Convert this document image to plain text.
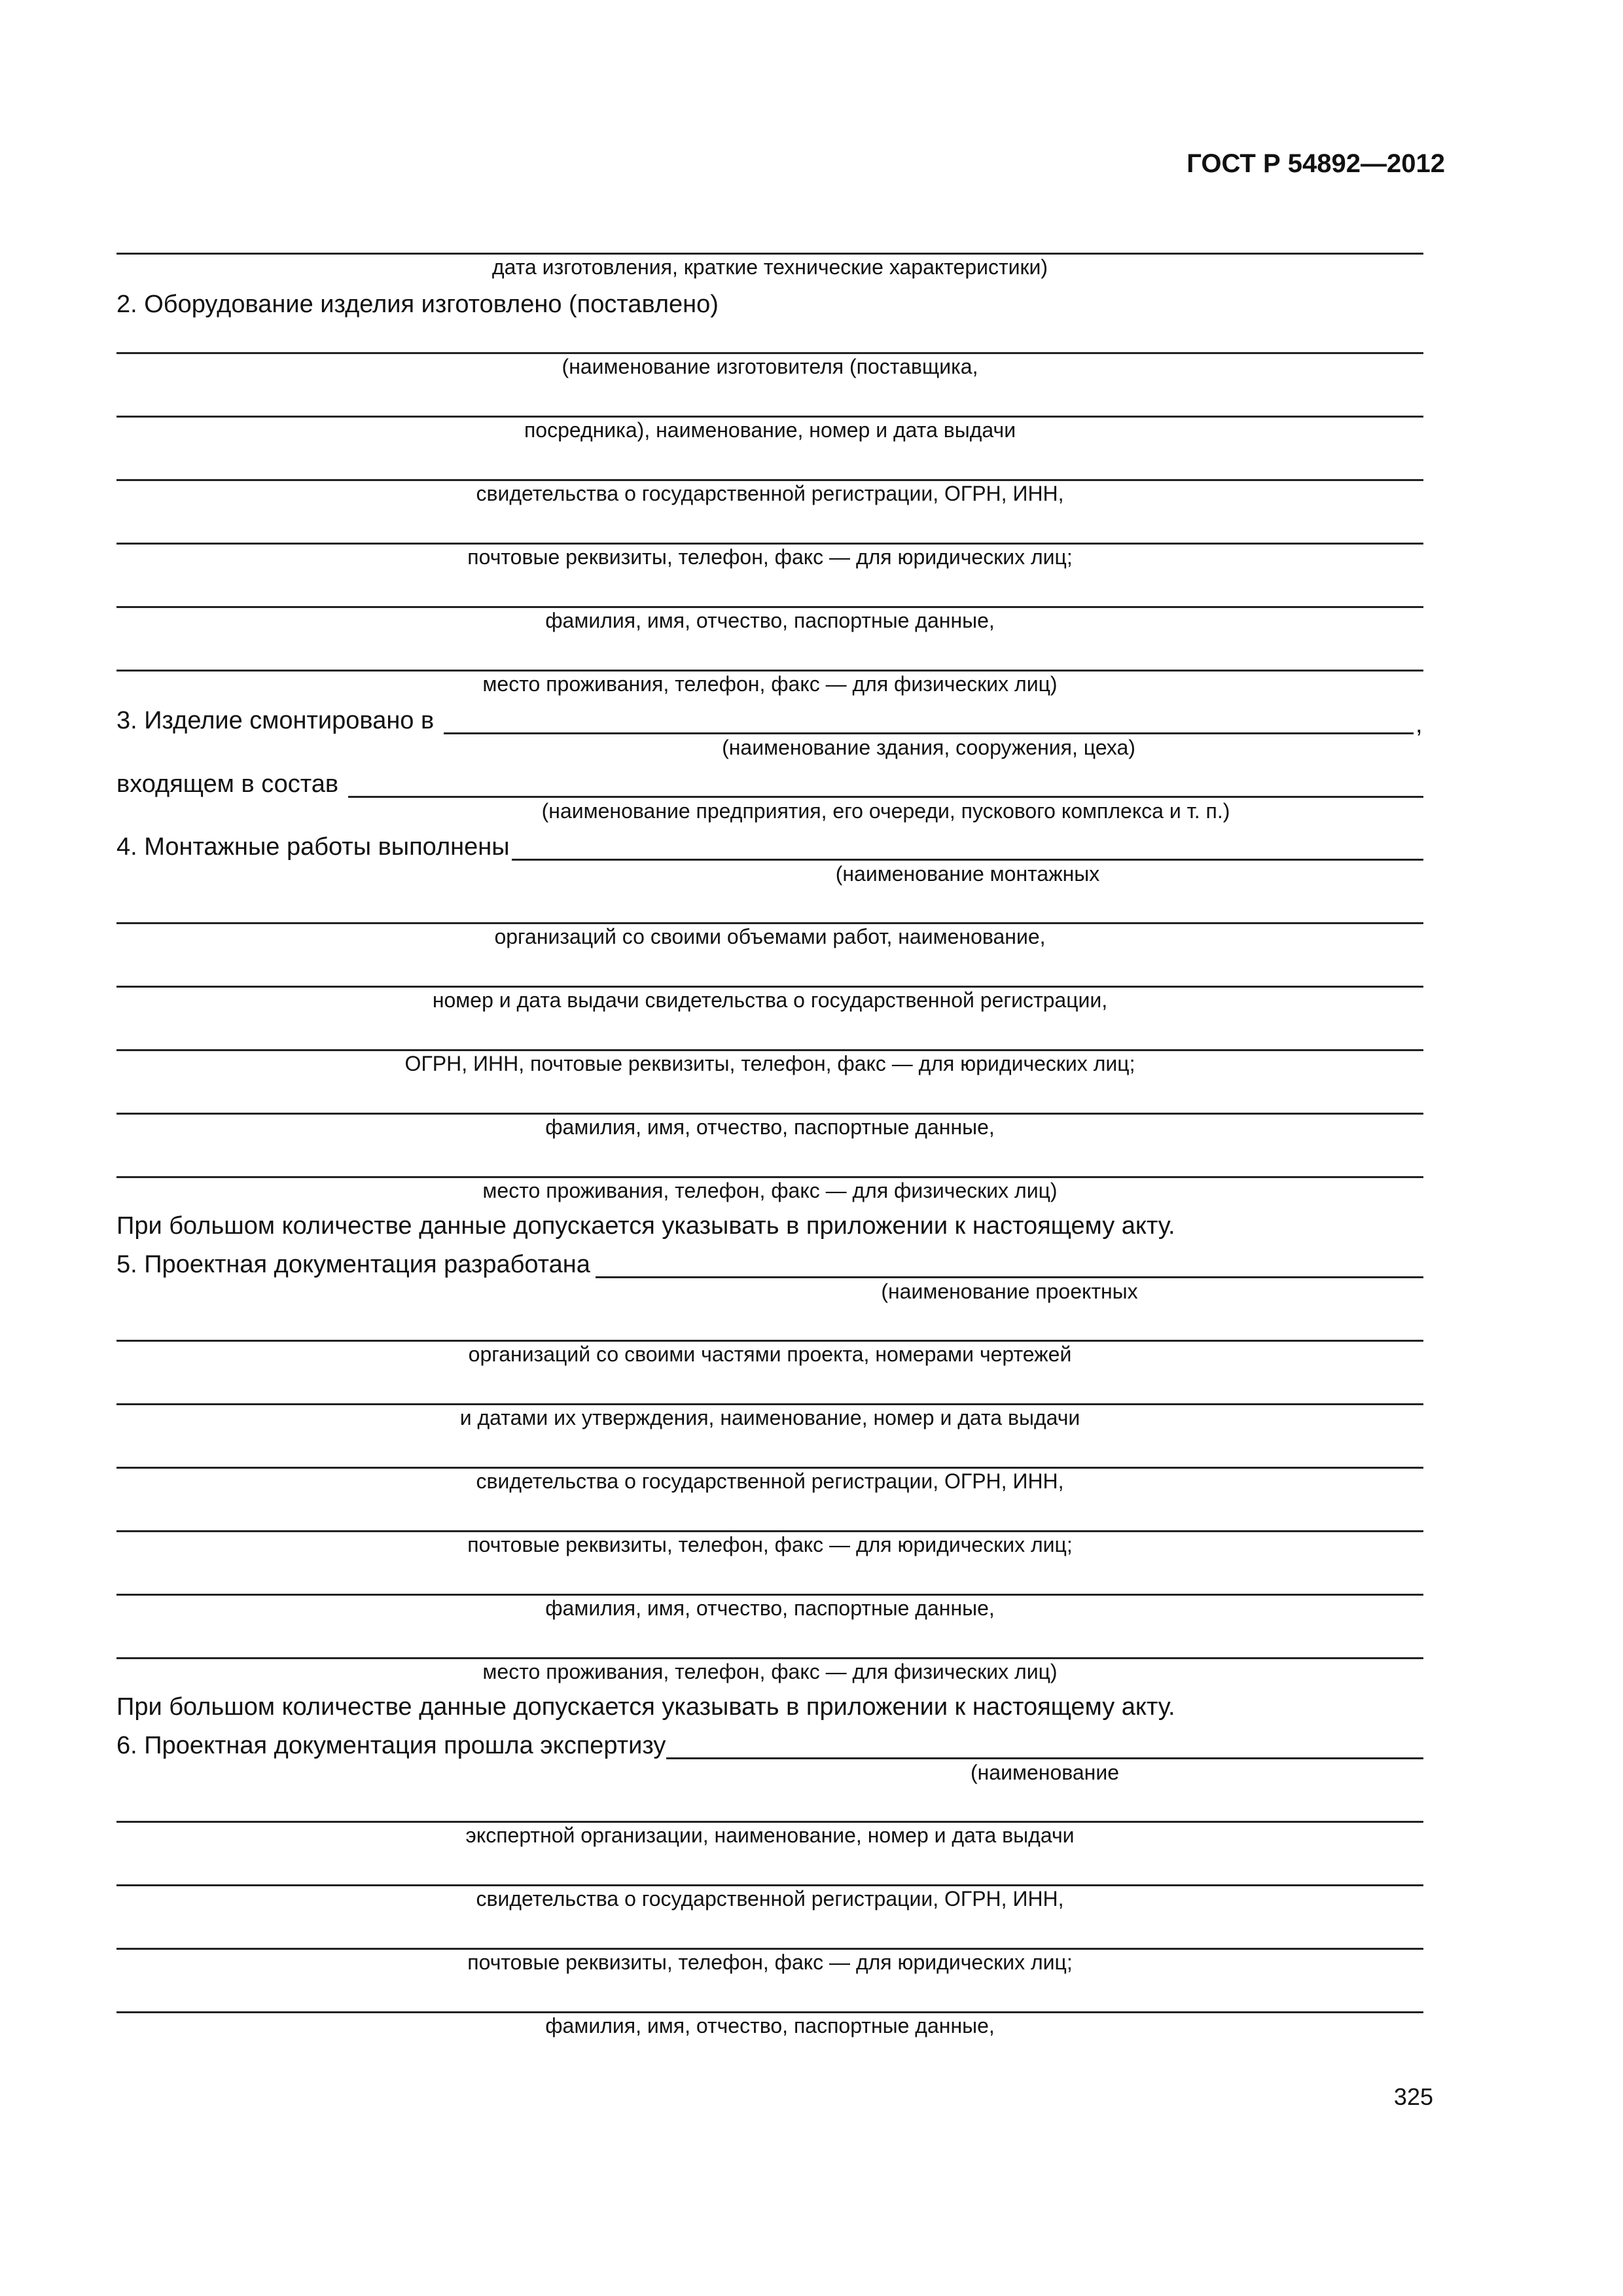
ГОСТ Р 54892—2012
дата изготовления, краткие технические характеристики)
2. Оборудование изделия изготовлено (поставлено)
(наименование изготовителя (поставщика,
посредника), наименование, номер и дата выдачи
свидетельства о государственной регистрации, ОГРН, ИНН,
почтовые реквизиты, телефон, факс — для юридических лиц;
фамилия, имя, отчество, паспортные данные,
место проживания, телефон, факс — для физических лиц)
3. Изделие смонтировано в	,
(наименование здания, сооружения, цеха)
входящем в состав
(наименование предприятия, его очереди, пускового комплекса и т. п.)
4. Монтажные работы выполнены
(наименование монтажных
организаций со своими объемами работ, наименование,
номер и дата выдачи свидетельства о государственной регистрации,
ОГРН, ИНН, почтовые реквизиты, телефон, факс — для юридических лиц;
фамилия, имя, отчество, паспортные данные,
место проживания, телефон, факс — для физических лиц)
При большом количестве данные допускается указывать в приложении к настоящему акту.
5. Проектная документация разработана
(наименование проектных
организаций со своими частями проекта, номерами чертежей
и датами их утверждения, наименование, номер и дата выдачи
свидетельства о государственной регистрации, ОГРН, ИНН,
почтовые реквизиты, телефон, факс — для юридических лиц;
фамилия, имя, отчество, паспортные данные,
место проживания, телефон, факс — для физических лиц)
При большом количестве данные допускается указывать в приложении к настоящему акту.
6. Проектная документация прошла экспертизу
(наименование
экспертной организации, наименование, номер и дата выдачи
свидетельства о государственной регистрации, ОГРН, ИНН,
почтовые реквизиты, телефон, факс — для юридических лиц;
фамилия, имя, отчество, паспортные данные,
325
